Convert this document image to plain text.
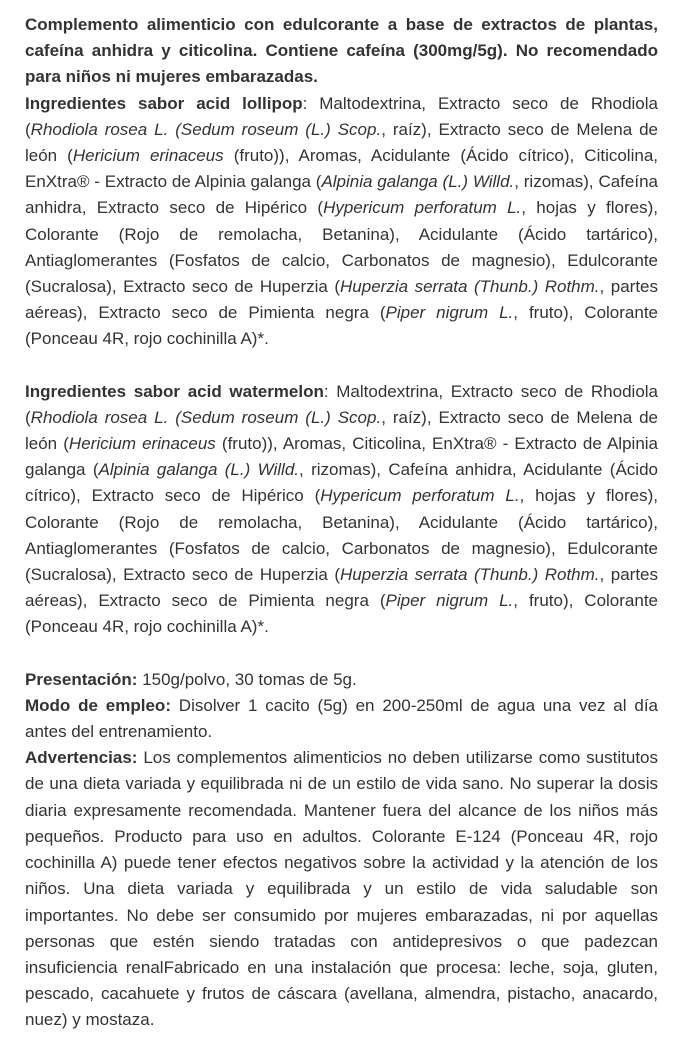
Complemento alimenticio con edulcorante a base de extractos de plantas, cafeína anhidra y citicolina. Contiene cafeína (300mg/5g). No recomendado para niños ni mujeres embarazadas.

Ingredientes sabor acid lollipop: Maltodextrina, Extracto seco de Rhodiola (Rhodiola rosea L. (Sedum roseum (L.) Scop., raíz), Extracto seco de Melena de león (Hericium erinaceus (fruto)), Aromas, Acidulante (Ácido cítrico), Citicolina, EnXtra® - Extracto de Alpinia galanga (Alpinia galanga (L.) Willd., rizomas), Cafeína anhidra, Extracto seco de Hipérico (Hypericum perforatum L., hojas y flores), Colorante (Rojo de remolacha, Betanina), Acidulante (Ácido tartárico), Antiaglomerantes (Fosfatos de calcio, Carbonatos de magnesio), Edulcorante (Sucralosa), Extracto seco de Huperzia (Huperzia serrata (Thunb.) Rothm., partes aéreas), Extracto seco de Pimienta negra (Piper nigrum L., fruto), Colorante (Ponceau 4R, rojo cochinilla A)*.

Ingredientes sabor acid watermelon: Maltodextrina, Extracto seco de Rhodiola (Rhodiola rosea L. (Sedum roseum (L.) Scop., raíz), Extracto seco de Melena de león (Hericium erinaceus (fruto)), Aromas, Citicolina, EnXtra® - Extracto de Alpinia galanga (Alpinia galanga (L.) Willd., rizomas), Cafeína anhidra, Acidulante (Ácido cítrico), Extracto seco de Hipérico (Hypericum perforatum L., hojas y flores), Colorante (Rojo de remolacha, Betanina), Acidulante (Ácido tartárico), Antiaglomerantes (Fosfatos de calcio, Carbonatos de magnesio), Edulcorante (Sucralosa), Extracto seco de Huperzia (Huperzia serrata (Thunb.) Rothm., partes aéreas), Extracto seco de Pimienta negra (Piper nigrum L., fruto), Colorante (Ponceau 4R, rojo cochinilla A)*.

Presentación: 150g/polvo, 30 tomas de 5g.

Modo de empleo: Disolver 1 cacito (5g) en 200-250ml de agua una vez al día antes del entrenamiento.

Advertencias: Los complementos alimenticios no deben utilizarse como sustitutos de una dieta variada y equilibrada ni de un estilo de vida sano. No superar la dosis diaria expresamente recomendada. Mantener fuera del alcance de los niños más pequeños. Producto para uso en adultos. Colorante E-124 (Ponceau 4R, rojo cochinilla A) puede tener efectos negativos sobre la actividad y la atención de los niños. Una dieta variada y equilibrada y un estilo de vida saludable son importantes. No debe ser consumido por mujeres embarazadas, ni por aquellas personas que estén siendo tratadas con antidepresivos o que padezcan insuficiencia renalFabricado en una instalación que procesa: leche, soja, gluten, pescado, cacahuete y frutos de cáscara (avellana, almendra, pistacho, anacardo, nuez) y mostaza.
